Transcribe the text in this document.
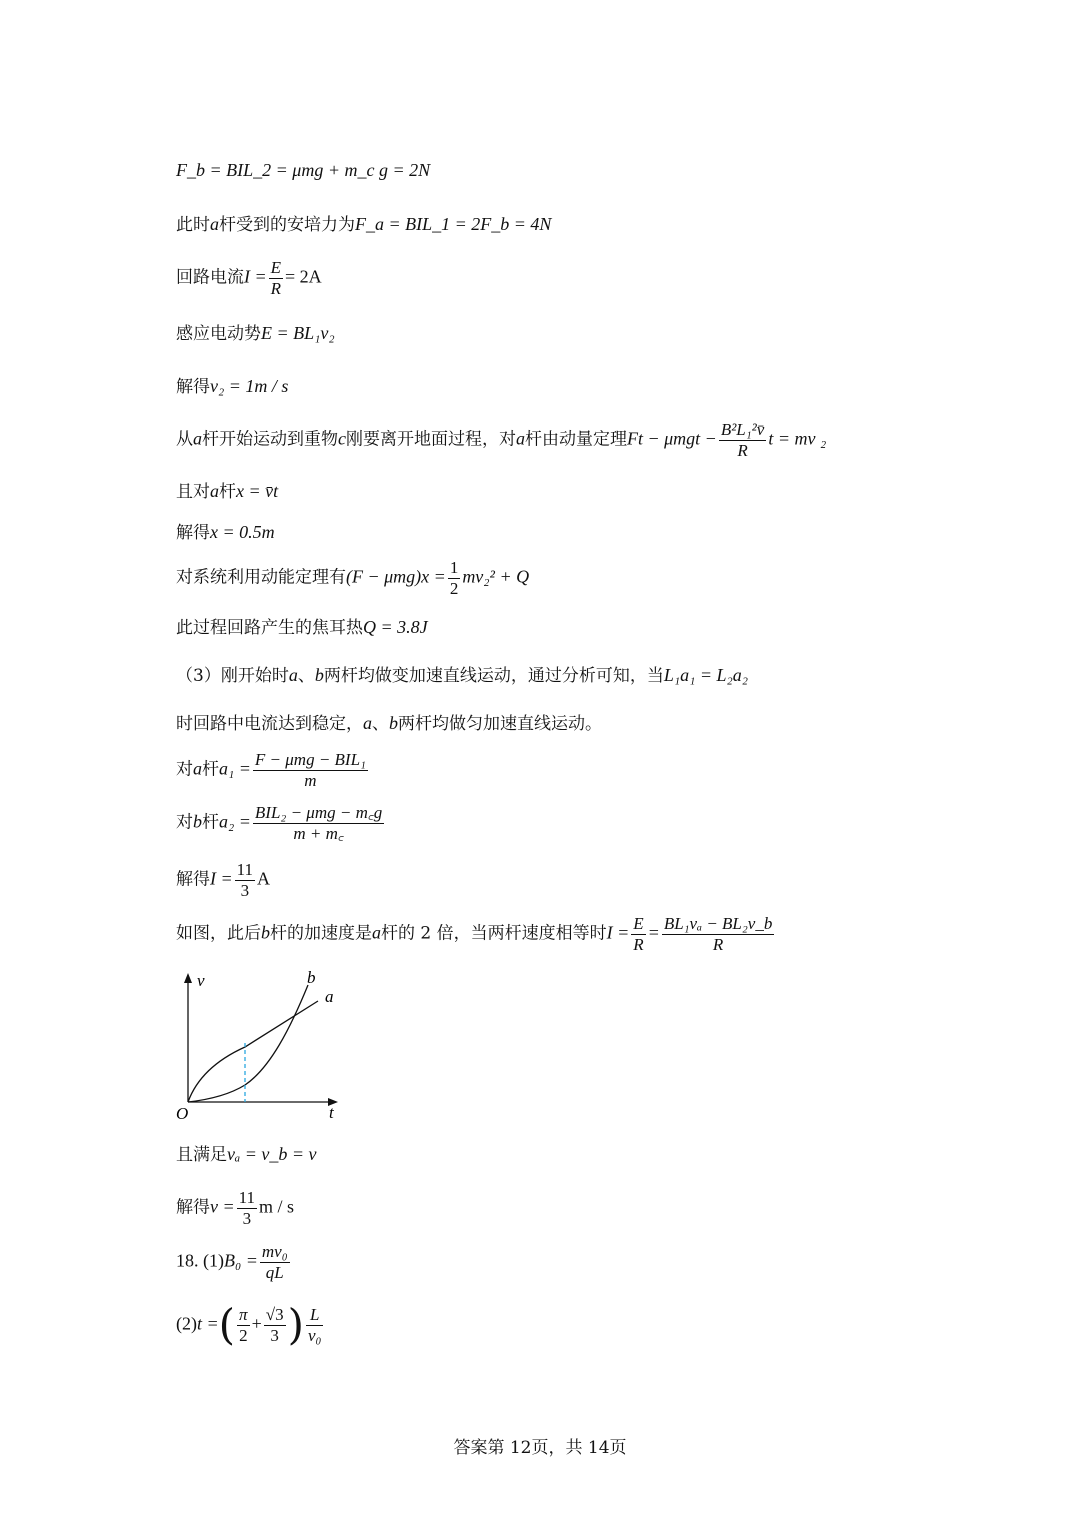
F_b = BIL_2 = μmg + m_c g = 2N
此时a杆受到的安培力为F_a = BIL_1 = 2F_b = 4N
回路电流$I = \frac{E}{R} = 2A$
感应电动势E = BL₁v₂
解得v₂ = 1m / s
从a杆开始运动到重物c刚要离开地面过程，对a杆由动量定理$Ft - \mu mgt - \frac{\text{B²L₁²v̄}}{R}$ t = mv ₂
且对a杆x = v̄t
解得x = 0.5m
对系统利用动能定理有$(F - \mu mg)x = \frac{1}{2} mv_2^2 + Q$
此过程回路产生的焦耳热Q = 3.8J
（3）刚开始时a、b两杆均做变加速直线运动，通过分析可知，当L₁a₁ = L₂a₂
时回路中电流达到稳定，a、b两杆均做匀加速直线运动。
对a杆$a_1 = \frac{\text{F − μmg − BIL₁}}{m}$
对b杆$a_2 = \frac{\text{BIL₂ − μmg − m꜀g}}{m + m꜀}$
解得$I = \frac{11}{3}$ A
如图，此后b杆的加速度是a杆的 2 倍，当两杆速度相等时$I = \frac{E}{R} = \frac{\text{BL₁vₐ − BL₂v\_b}}{R}$
v
t
O
b
a
且满足vₐ = v_b = v
解得$v = \frac{11}{3}$ m / s
18. $(1)B_0 = \frac{\text{mv₀}}{qL}$
(2)t =( $\frac{\pi}{2} + \frac{√3}{3}$ ) $\frac{L}{\text{v₀}}$
答案第 12页，共 14页
